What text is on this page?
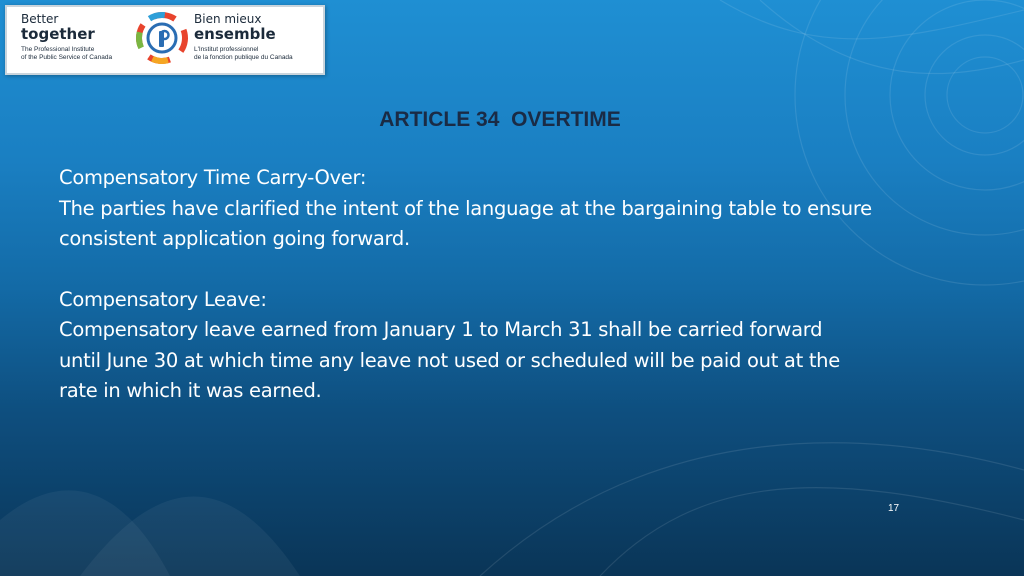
Better
together
The Professional Institute
of the Public Service of Canada
Bien mieux
ensemble
L'Institut professionnel
de la fonction publique du Canada
ARTICLE 34  OVERTIME

Compensatory Time Carry-Over:

The parties have clarified the intent of the language at the bargaining table to ensure

consistent application going forward.

Compensatory Leave:

Compensatory leave earned from January 1 to March 31 shall be carried forward

until June 30 at which time any leave not used or scheduled will be paid out at the

rate in which it was earned.

17
